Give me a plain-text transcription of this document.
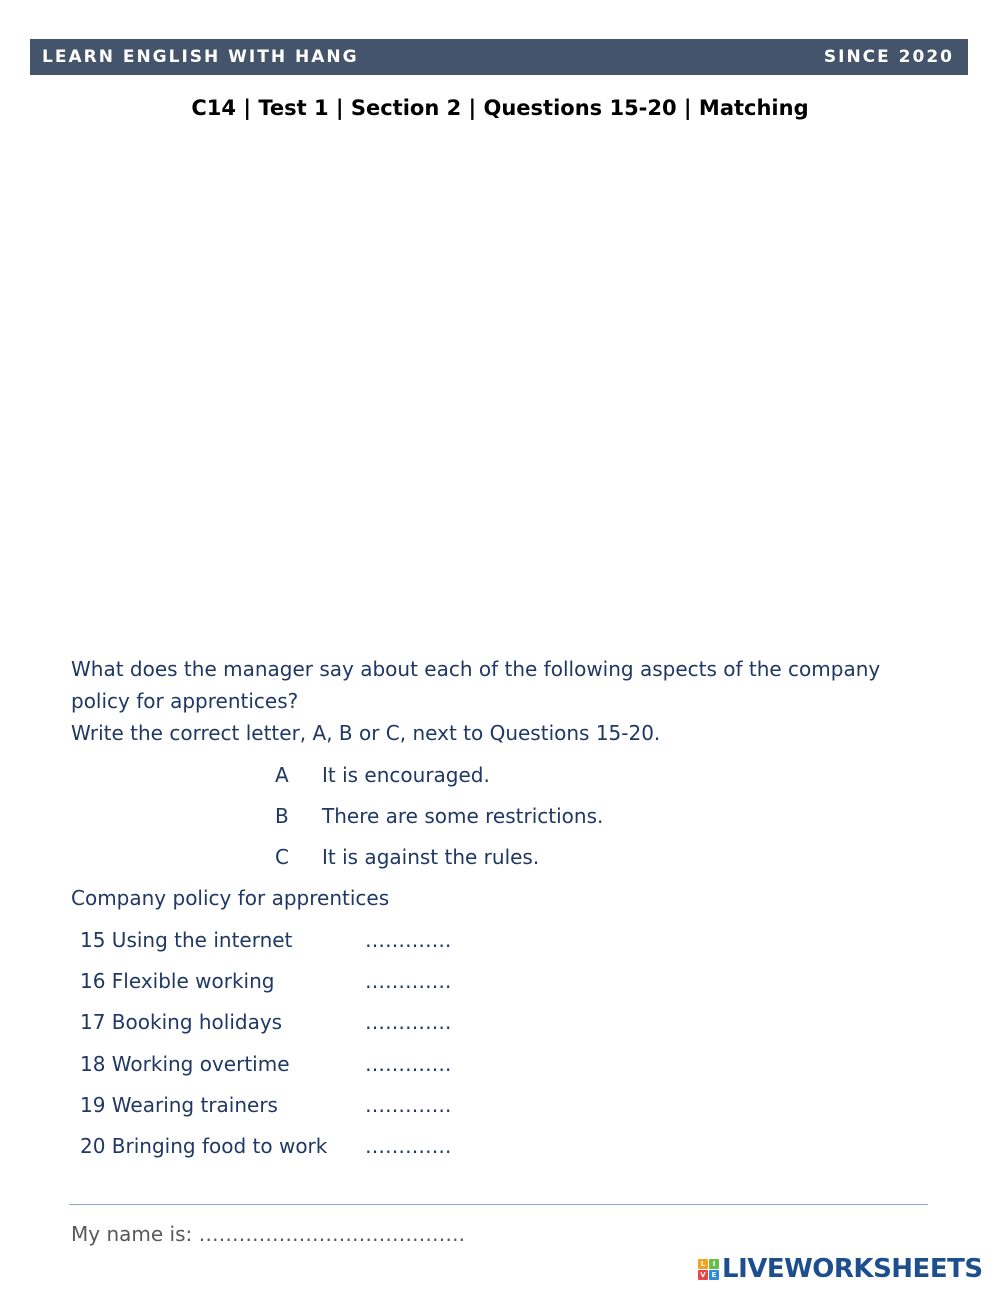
LEARN ENGLISH WITH HANG	SINCE 2020
C14 | Test 1 | Section 2 | Questions 15-20 | Matching
What does the manager say about each of the following aspects of the company
policy for apprentices?
Write the correct letter, A, B or C, next to Questions 15-20.
A It is encouraged.
B There are some restrictions.
C It is against the rules.
Company policy for apprentices
15 Using the internet	………….
16 Flexible working	………….
17 Booking holidays	………….
18 Working overtime	………….
19 Wearing trainers	………….
20 Bringing food to work ………….
My name is: ………………………………….
L	I
V E LIVEWORKSHEETS
